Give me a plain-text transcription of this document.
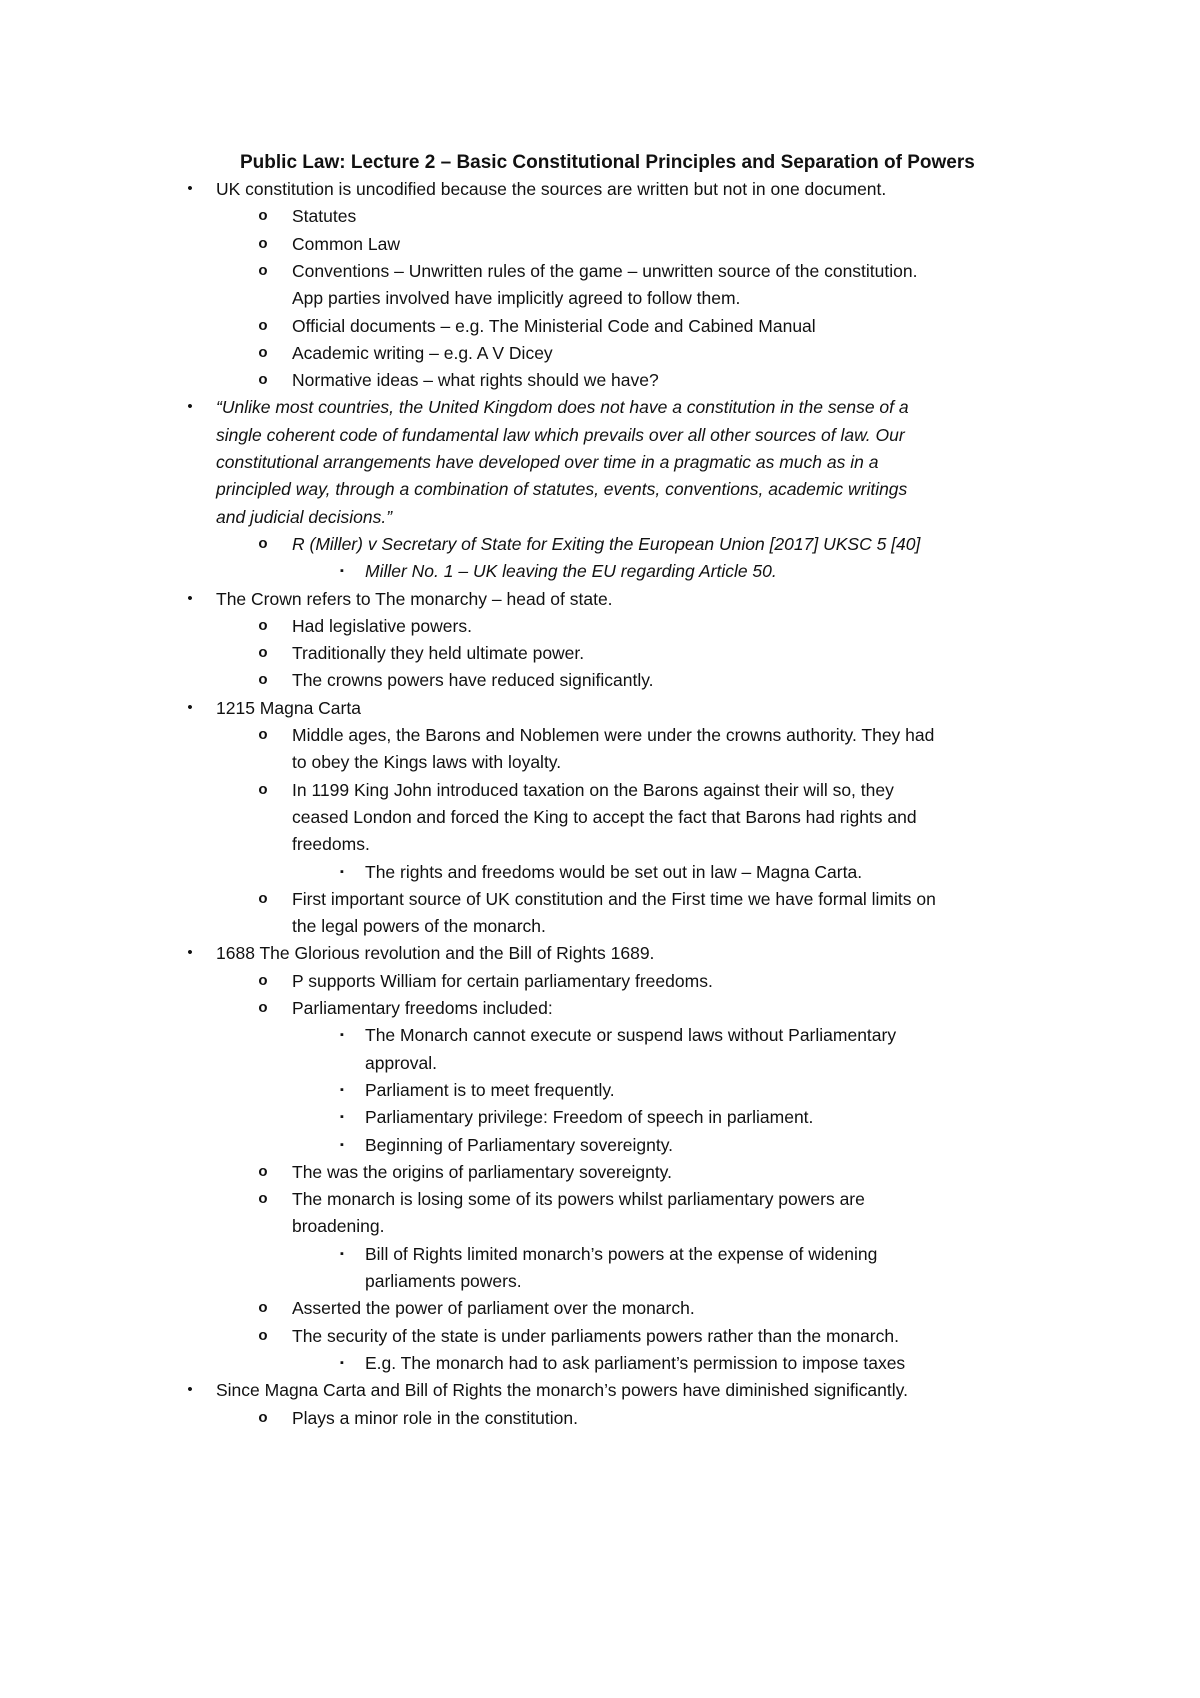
Public Law: Lecture 2 – Basic Constitutional Principles and Separation of Powers
• UK constitution is uncodified because the sources are written but not in one document.
o Statutes
o Common Law
o Conventions – Unwritten rules of the game – unwritten source of the constitution.
App parties involved have implicitly agreed to follow them.
o Official documents – e.g. The Ministerial Code and Cabined Manual
o Academic writing – e.g. A V Dicey
o Normative ideas – what rights should we have?
• “Unlike most countries, the United Kingdom does not have a constitution in the sense of a
single coherent code of fundamental law which prevails over all other sources of law. Our
constitutional arrangements have developed over time in a pragmatic as much as in a
principled way, through a combination of statutes, events, conventions, academic writings
and judicial decisions.”
o R (Miller) v Secretary of State for Exiting the European Union [2017] UKSC 5 [40]
▪ Miller No. 1 – UK leaving the EU regarding Article 50.
• The Crown refers to The monarchy – head of state.
o Had legislative powers.
o Traditionally they held ultimate power.
o The crowns powers have reduced significantly.
• 1215 Magna Carta
o Middle ages, the Barons and Noblemen were under the crowns authority. They had
to obey the Kings laws with loyalty.
o In 1199 King John introduced taxation on the Barons against their will so, they
ceased London and forced the King to accept the fact that Barons had rights and
freedoms.
▪ The rights and freedoms would be set out in law – Magna Carta.
o First important source of UK constitution and the First time we have formal limits on
the legal powers of the monarch.
• 1688 The Glorious revolution and the Bill of Rights 1689.
o P supports William for certain parliamentary freedoms.
o Parliamentary freedoms included:
▪ The Monarch cannot execute or suspend laws without Parliamentary
approval.
▪ Parliament is to meet frequently.
▪ Parliamentary privilege: Freedom of speech in parliament.
▪ Beginning of Parliamentary sovereignty.
o The was the origins of parliamentary sovereignty.
o The monarch is losing some of its powers whilst parliamentary powers are
broadening.
▪ Bill of Rights limited monarch’s powers at the expense of widening
parliaments powers.
o Asserted the power of parliament over the monarch.
o The security of the state is under parliaments powers rather than the monarch.
▪ E.g. The monarch had to ask parliament’s permission to impose taxes
• Since Magna Carta and Bill of Rights the monarch’s powers have diminished significantly.
o Plays a minor role in the constitution.
